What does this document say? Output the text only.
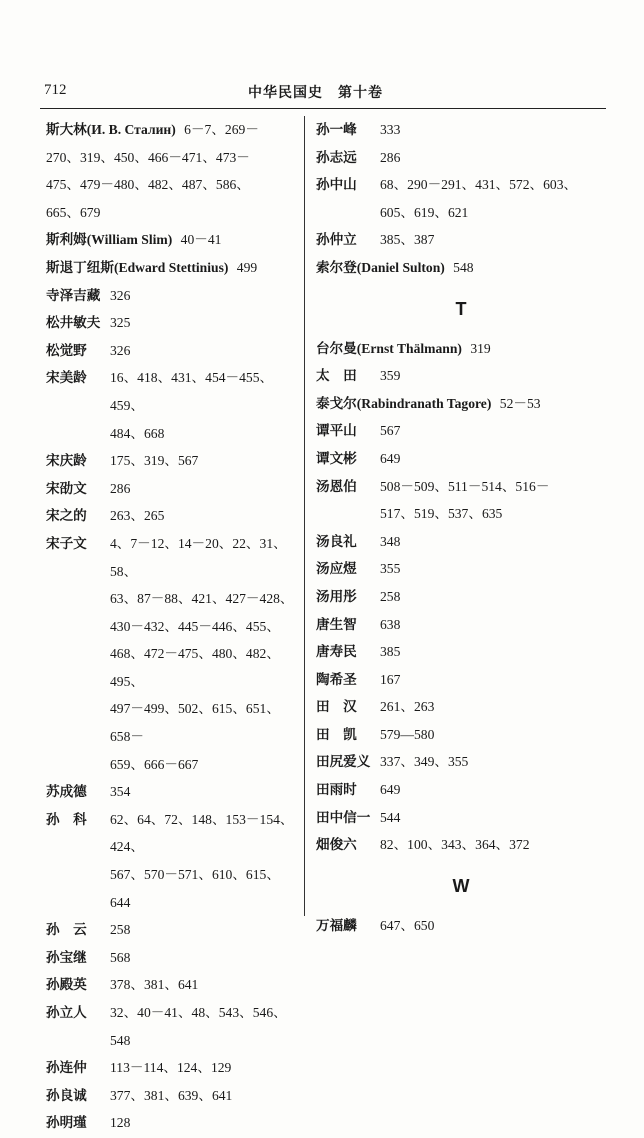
712	中华民国史　第十卷
斯大林(И. В. Сталин) 6－7、269－
270、319、450、466－471、473－
475、479－480、482、487、586、
665、679
斯利姆(William Slim) 40－41
斯退丁纽斯(Edward Stettinius) 499
寺泽吉藏 326
松井敏夫 325
松觉野 326
宋美龄 16、418、431、454－455、459、
484、668
宋庆龄 175、319、567
宋劭文 286
宋之的 263、265
宋子文 4、7－12、14－20、22、31、58、
63、87－88、421、427－428、
430－432、445－446、455、
468、472－475、480、482、495、
497－499、502、615、651、658－
659、666－667
苏成德 354
孙　科 62、64、72、148、153－154、424、
567、570－571、610、615、644
孙　云 258
孙宝继 568
孙殿英 378、381、641
孙立人 32、40－41、48、543、546、548
孙连仲 113－114、124、129
孙良诚 377、381、639、641
孙明瑾 128
孙一峰 333
孙志远 286
孙中山 68、290－291、431、572、603、
605、619、621
孙仲立 385、387
索尔登(Daniel Sulton) 548
T
台尔曼(Ernst Thälmann) 319
太　田 359
泰戈尔(Rabindranath Tagore) 52－53
谭平山 567
谭文彬 649
汤恩伯 508－509、511－514、516－
517、519、537、635
汤良礼 348
汤应煜 355
汤用彤 258
唐生智 638
唐寿民 385
陶希圣 167
田　汉 261、263
田　凯 579—580
田尻爱义 337、349、355
田雨时 649
田中信一 544
畑俊六 82、100、343、364、372
W
万福麟 647、650
